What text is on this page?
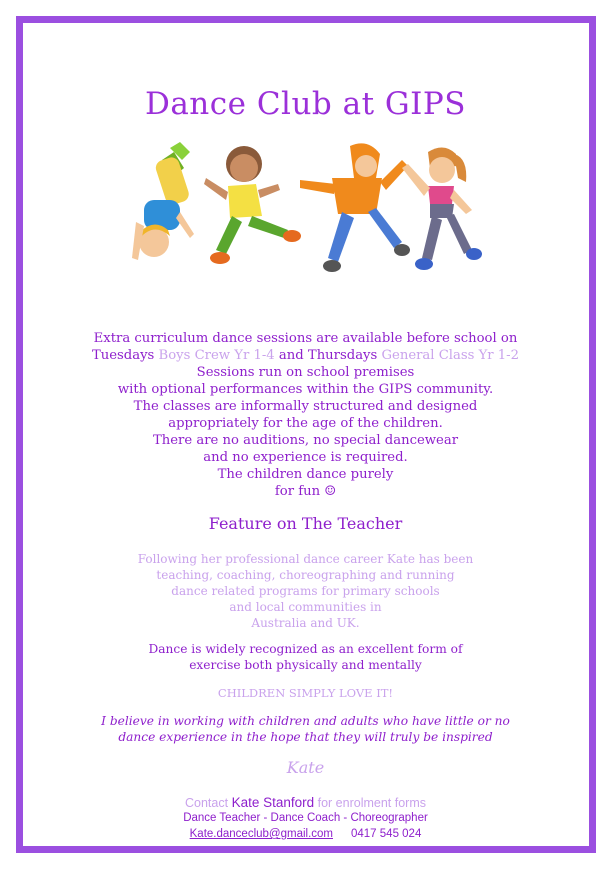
Dance Club at GIPS
Extra curriculum dance sessions are available before school on
Tuesdays Boys Crew Yr 1-4 and Thursdays General Class Yr 1-2
Sessions run on school premises
with optional performances within the GIPS community.
The classes are informally structured and designed
appropriately for the age of the children.
There are no auditions, no special dancewear
and no experience is required.
The children dance purely
for fun ☺
Feature on The Teacher
Following her professional dance career Kate has been
teaching, coaching, choreographing and running
dance related programs for primary schools
and local communities in
Australia and UK.
Dance is widely recognized as an excellent form of
exercise both physically and mentally
CHILDREN SIMPLY LOVE IT!
I believe in working with children and adults who have little or no
dance experience in the hope that they will truly be inspired
Kate
Contact Kate Stanford for enrolment forms
Dance Teacher - Dance Coach - Choreographer
Kate.danceclub@gmail.com 0417 545 024
